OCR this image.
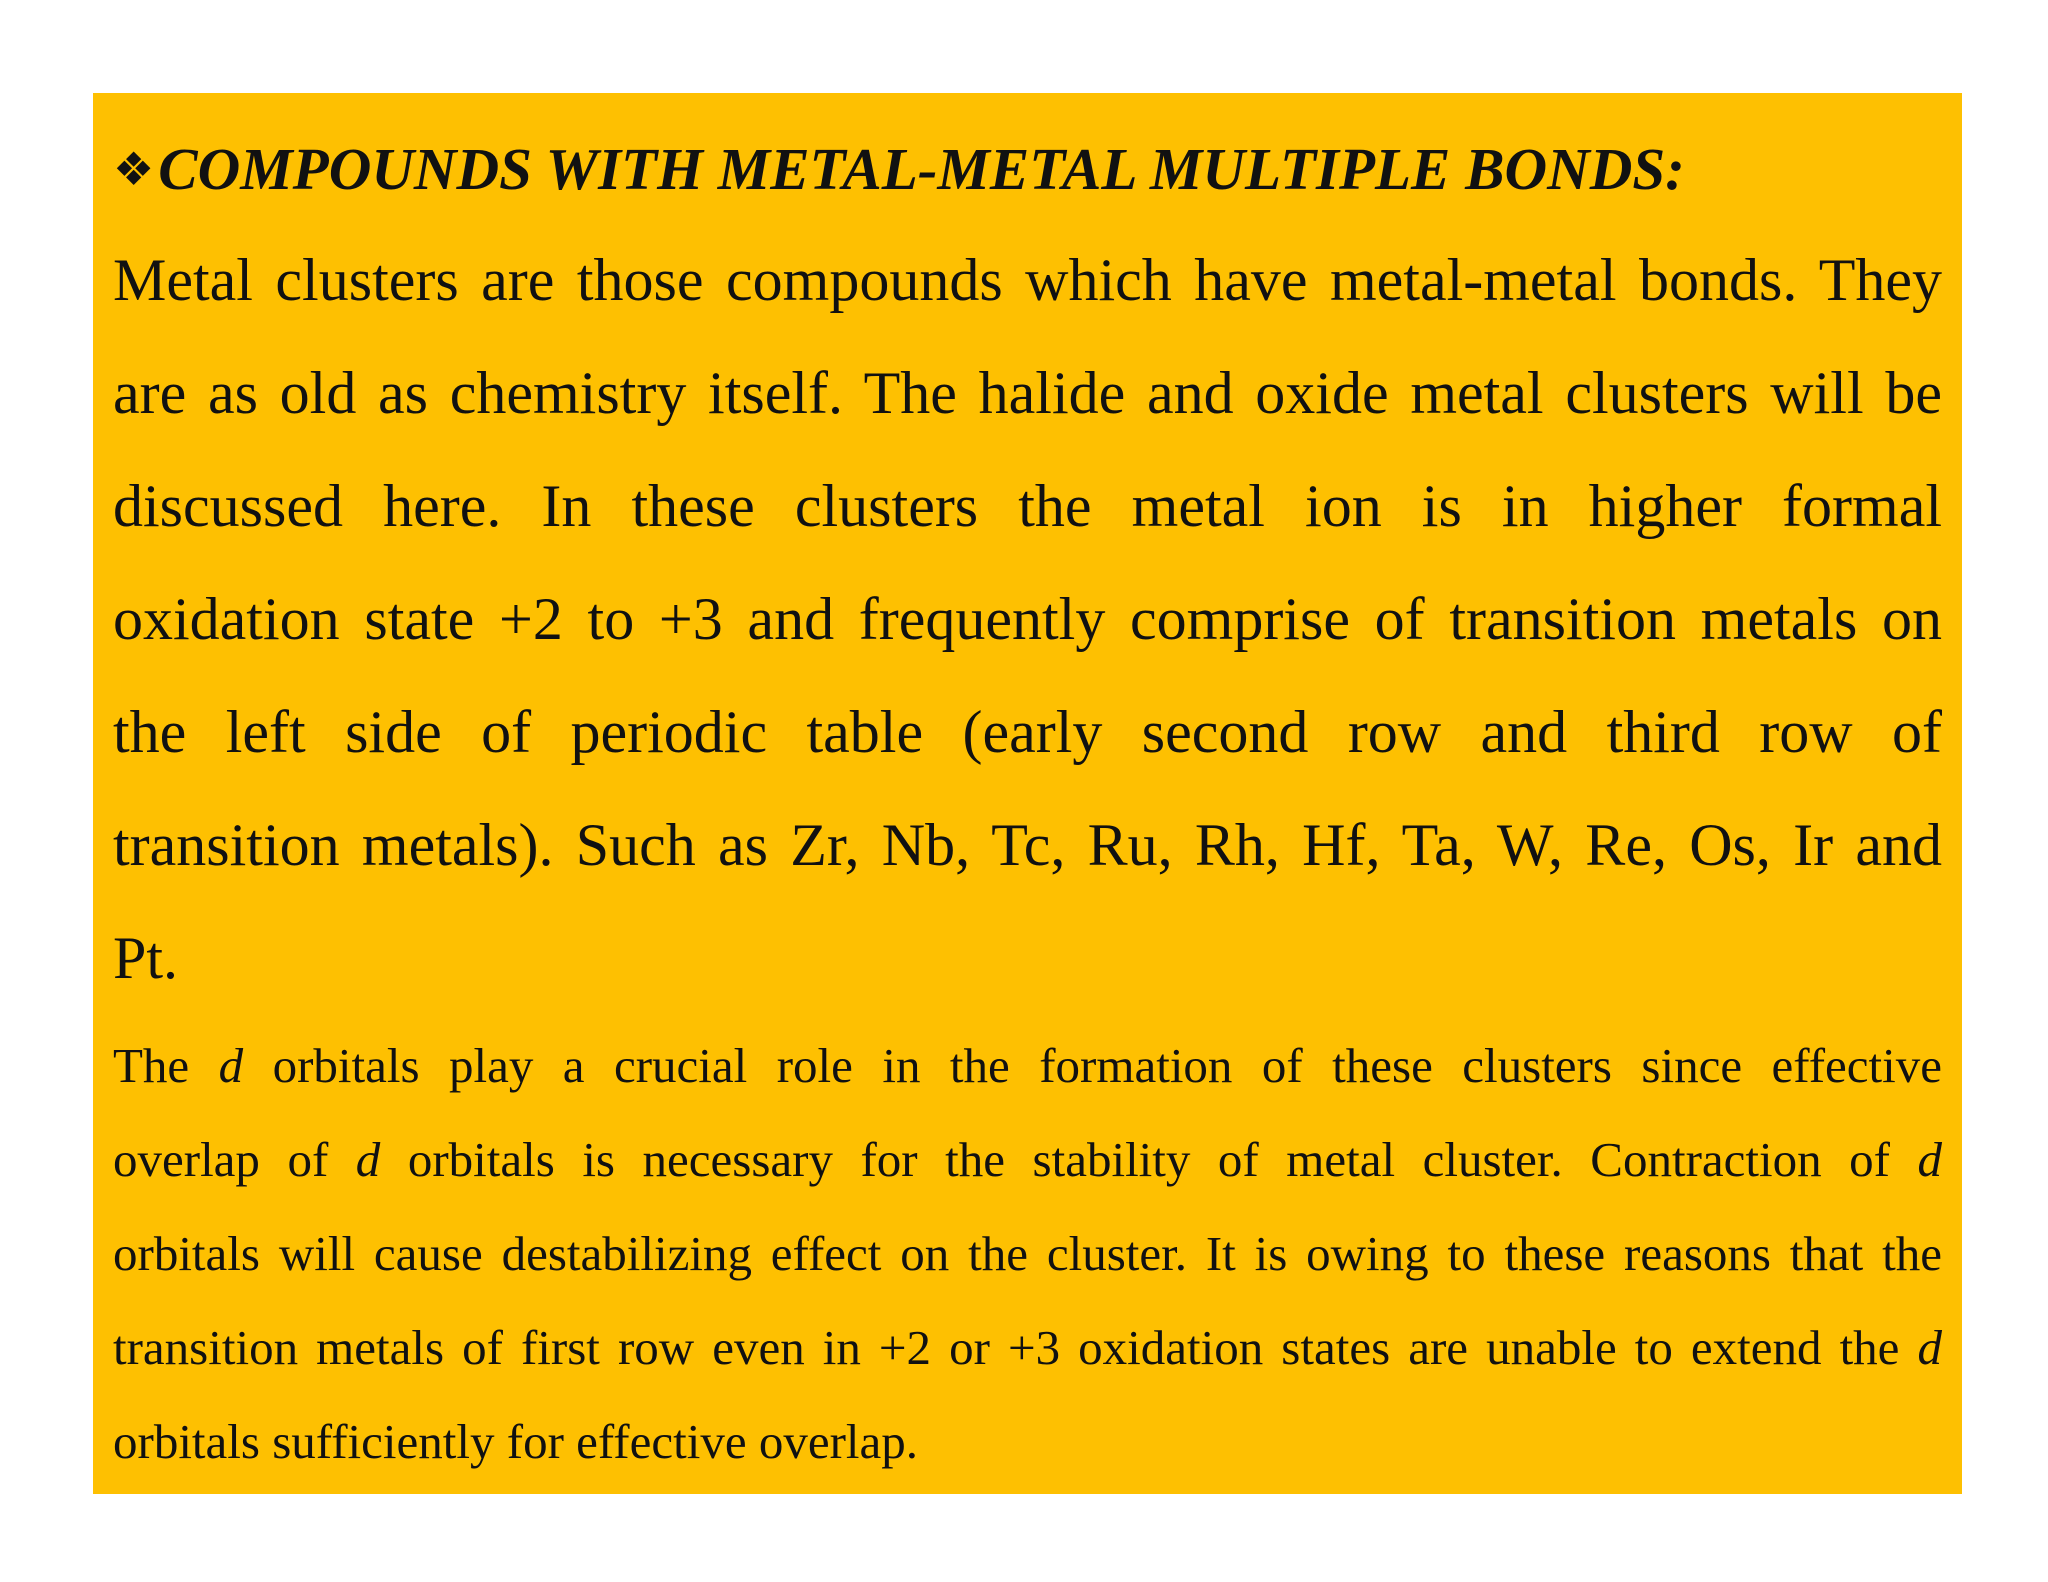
❖ COMPOUNDS WITH METAL-METAL MULTIPLE BONDS:
Metal clusters are those compounds which have metal-metal bonds. They
are as old as chemistry itself. The halide and oxide metal clusters will be
discussed here. In these clusters the metal ion is in higher formal
oxidation state +2 to +3 and frequently comprise of transition metals on
the left side of periodic table (early second row and third row of
transition metals). Such as Zr, Nb, Tc, Ru, Rh, Hf, Ta, W, Re, Os, Ir and
Pt.
The d orbitals play a crucial role in the formation of these clusters since effective
overlap of d orbitals is necessary for the stability of metal cluster. Contraction of d
orbitals will cause destabilizing effect on the cluster. It is owing to these reasons that the
transition metals of first row even in +2 or +3 oxidation states are unable to extend the d
orbitals sufficiently for effective overlap.
